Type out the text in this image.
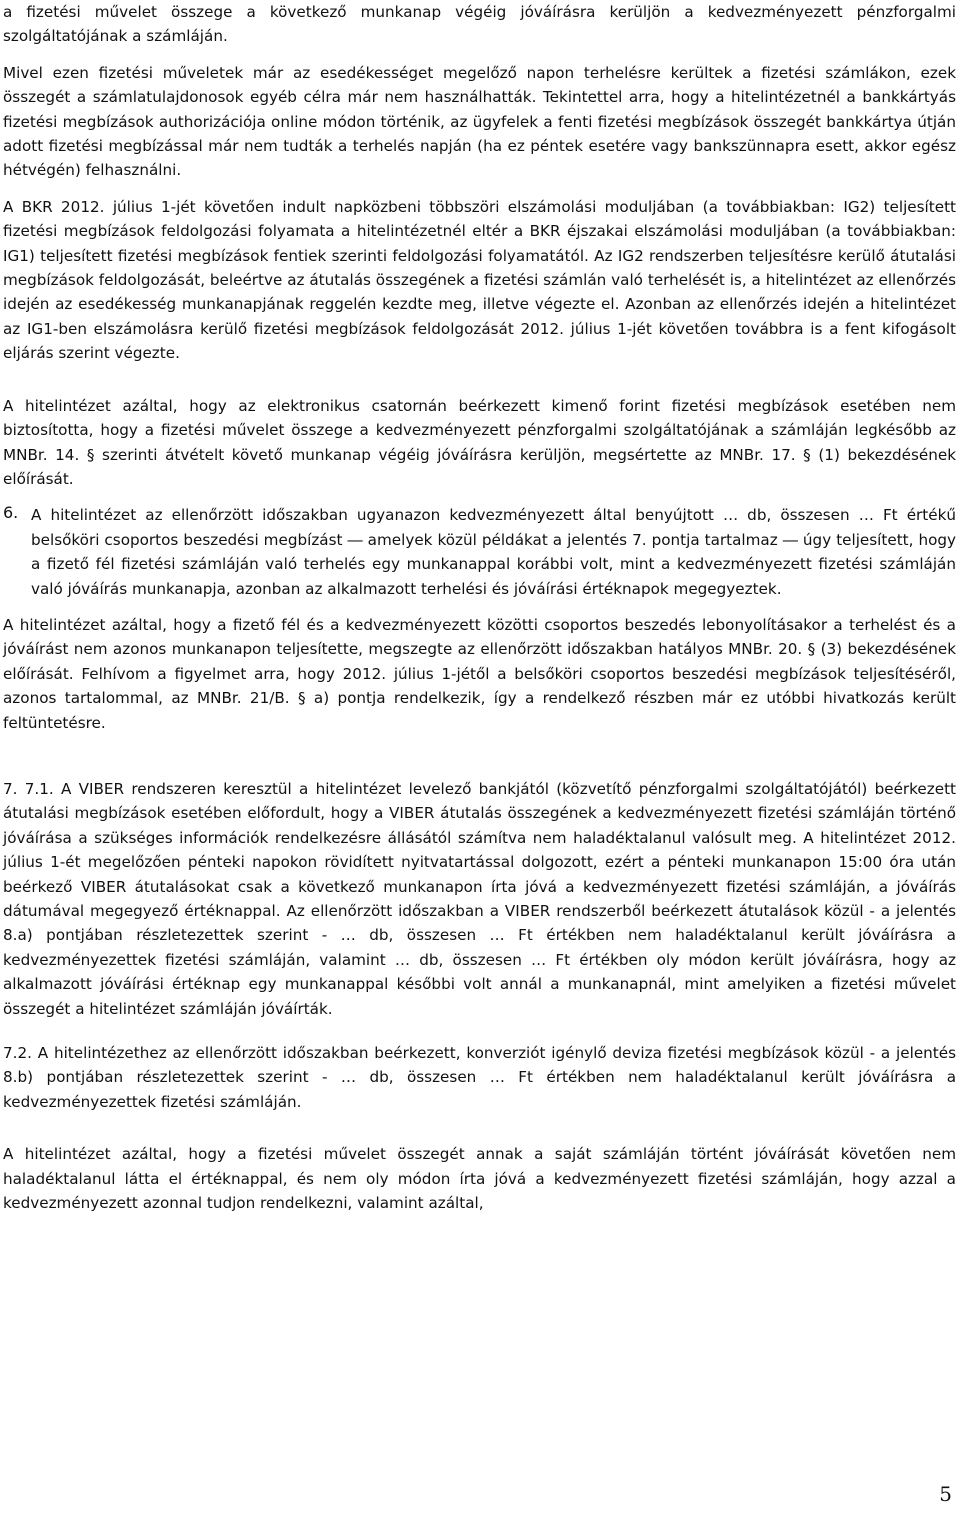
a fizetési művelet összege a következő munkanap végéig jóváírásra kerüljön a kedvezményezett pénzforgalmi szolgáltatójának a számláján.

Mivel ezen fizetési műveletek már az esedékességet megelőző napon terhelésre kerültek a fizetési számlákon, ezek összegét a számlatulajdonosok egyéb célra már nem használhatták. Tekintettel arra, hogy a hitelintézetnél a bankkártyás fizetési megbízások authorizációja online módon történik, az ügyfelek a fenti fizetési megbízások összegét bankkártya útján adott fizetési megbízással már nem tudták a terhelés napján (ha ez péntek esetére vagy bankszünnapra esett, akkor egész hétvégén) felhasználni.

A BKR 2012. július 1-jét követően indult napközbeni többszöri elszámolási moduljában (a továbbiakban: IG2) teljesített fizetési megbízások feldolgozási folyamata a hitelintézetnél eltér a BKR éjszakai elszámolási moduljában (a továbbiakban: IG1) teljesített fizetési megbízások fentiek szerinti feldolgozási folyamatától. Az IG2 rendszerben teljesítésre kerülő átutalási megbízások feldolgozását, beleértve az átutalás összegének a fizetési számlán való terhelését is, a hitelintézet az ellenőrzés idején az esedékesség munkanapjának reggelén kezdte meg, illetve végezte el. Azonban az ellenőrzés idején a hitelintézet az IG1-ben elszámolásra kerülő fizetési megbízások feldolgozását 2012. július 1-jét követően továbbra is a fent kifogásolt eljárás szerint végezte.

A hitelintézet azáltal, hogy az elektronikus csatornán beérkezett kimenő forint fizetési megbízások esetében nem biztosította, hogy a fizetési művelet összege a kedvezményezett pénzforgalmi szolgáltatójának a számláján legkésőbb az MNBr. 14. § szerinti átvételt követő munkanap végéig jóváírásra kerüljön, megsértette az MNBr. 17. § (1) bekezdésének előírását.

6. A hitelintézet az ellenőrzött időszakban ugyanazon kedvezményezett által benyújtott … db, összesen … Ft értékű belsőköri csoportos beszedési megbízást ― amelyek közül példákat a jelentés 7. pontja tartalmaz ― úgy teljesített, hogy a fizető fél fizetési számláján való terhelés egy munkanappal korábbi volt, mint a kedvezményezett fizetési számláján való jóváírás munkanapja, azonban az alkalmazott terhelési és jóváírási értéknapok megegyeztek.

A hitelintézet azáltal, hogy a fizető fél és a kedvezményezett közötti csoportos beszedés lebonyolításakor a terhelést és a jóváírást nem azonos munkanapon teljesítette, megszegte az ellenőrzött időszakban hatályos MNBr. 20. § (3) bekezdésének előírását. Felhívom a figyelmet arra, hogy 2012. július 1-jétől a belsőköri csoportos beszedési megbízások teljesítéséről, azonos tartalommal, az MNBr. 21/B. § a) pontja rendelkezik, így a rendelkező részben már ez utóbbi hivatkozás került feltüntetésre.

7. 7.1. A VIBER rendszeren keresztül a hitelintézet levelező bankjától (közvetítő pénzforgalmi szolgáltatójától) beérkezett átutalási megbízások esetében előfordult, hogy a VIBER átutalás összegének a kedvezményezett fizetési számláján történő jóváírása a szükséges információk rendelkezésre állásától számítva nem haladéktalanul valósult meg. A hitelintézet 2012. július 1-ét megelőzően pénteki napokon rövidített nyitvatartással dolgozott, ezért a pénteki munkanapon 15:00 óra után beérkező VIBER átutalásokat csak a következő munkanapon írta jóvá a kedvezményezett fizetési számláján, a jóváírás dátumával megegyező értéknappal. Az ellenőrzött időszakban a VIBER rendszerből beérkezett átutalások közül - a jelentés 8.a) pontjában részletezettek szerint - … db, összesen … Ft értékben nem haladéktalanul került jóváírásra a kedvezményezettek fizetési számláján, valamint … db, összesen … Ft értékben oly módon került jóváírásra, hogy az alkalmazott jóváírási értéknap egy munkanappal későbbi volt annál a munkanapnál, mint amelyiken a fizetési művelet összegét a hitelintézet számláján jóváírták.

7.2. A hitelintézethez az ellenőrzött időszakban beérkezett, konverziót igénylő deviza fizetési megbízások közül - a jelentés 8.b) pontjában részletezettek szerint - … db, összesen … Ft értékben nem haladéktalanul került jóváírásra a kedvezményezettek fizetési számláján.

A hitelintézet azáltal, hogy a fizetési művelet összegét annak a saját számláján történt jóváírását követően nem haladéktalanul látta el értéknappal, és nem oly módon írta jóvá a kedvezményezett fizetési számláján, hogy azzal a kedvezményezett azonnal tudjon rendelkezni, valamint azáltal,

5
